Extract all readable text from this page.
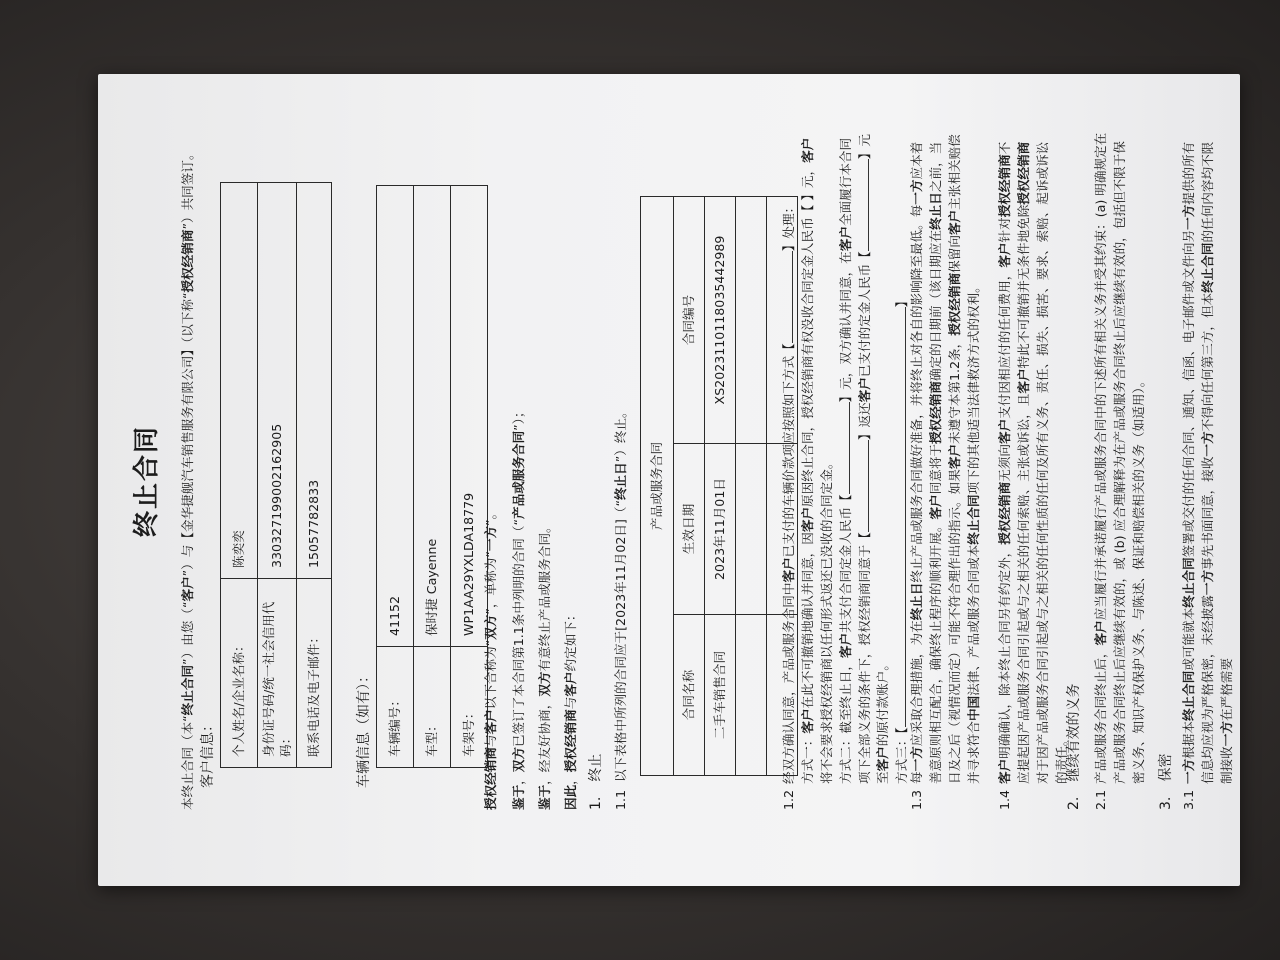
终止合同

本终止合同（本“终止合同”）由您（“客户”）与【金华捷舰汽车销售服务有限公司】（以下称“授权经销商”）共同签订。

客户信息： 个人姓名/企业名称：	陈奕奕
身份证号码/统一社会信用代码：	330327199002162905
联系电话及电子邮件：	15057782833

车辆信息（如有）： 车辆编号：	41152
车型：	保时捷 Cayenne
车架号：	WP1AA29YXLDA18779

授权经销商与客户以下合称为“双方”，单称为“一方”。

鉴于，双方已签订了本合同第1.1条中列明的合同（“产品或服务合同”）；

鉴于，经友好协商，双方有意终止产品或服务合同。

因此，授权经销商与客户约定如下：

1. 终止

1.1 以下表格中所列的合同应于[2023年11月02日]（“终止日”）终止。

产品或服务合同		
合同名称	生效日期	合同编号
二手车销售合同	2023年11月01日	XS20231101180354429​89

1.2

经双方确认同意，产品或服务合同中客户已支付的车辆价款项应按照如下方式【】处理：

方式一：客户在此不可撤销地确认并同意，因客户原因终止合同，授权经销商有权没收合同定金人民币【 】元，客户将不会要求授权经销商以任何形式返还已没收的合同定金。 方式二：截至终止日，客户共支付合同定金人民币【】元，双方确认并同意，在客户全面履行本合同项下全部义务的条件下，授权经销商同意于【】返还客户已支付的定金人民币【】元至客户的原付款账户。

方式三：【】

1.3
每一方应采取合理措施，为在终止日终止产品或服务合同做好准备，并将终止对各自的影响降至最低。每一方应本着善意原则相互配合，确保终止程序的顺利开展。客户同意将于授权经销商确定的日期前（该日期应在终止日之前，当日及之后（视情况而定）可能不符合理作出的指示。如果客户未遵守本第1.2条，授权经销商保留向客户主张相关赔偿并寻求符合中国法律、产品或服务合同或本终止合同项下的其他适当法律救济方式的权利。
1.4
客户明确确认，除本终止合同另有约定外，授权经销商无须向客户支付因相应付的任何费用，客户针对授权经销商不应提起因产品或服务合同引起或与之相关的任何索赔、主张或诉讼，且客户特此不可撤销并无条件地免除授权经销商 对于因产品或服务合同引起或与之相关的任何性质的任何及所有义务、责任、损失、损害、要求、索赔、起诉或诉讼的责任。

2. 继续有效的义务

2.1
产品或服务合同终止后，客户应当履行并承诺履行产品或服务合同中的下述所有相关义务并受其约束：(a) 明确规定在产品或服务合同终止后应继续有效的，或 (b) 应合理解释为在产品或服务合同终止后应继续有效的，包括但不限于保密义务、知识产权保护义务、与陈述、保证和赔偿相关的义务（如适用）。

3. 保密

3.1
一方根据本终止合同或可能就本终止合同签署或交付的任何合同、通知、信函、电子邮件或文件向另一方提供的所有信息均应视为严格保密，未经披露一方事先书面同意，接收一方不得向任何第三方，但本终止合同的任何内容均不限制接收一方在严格需要
